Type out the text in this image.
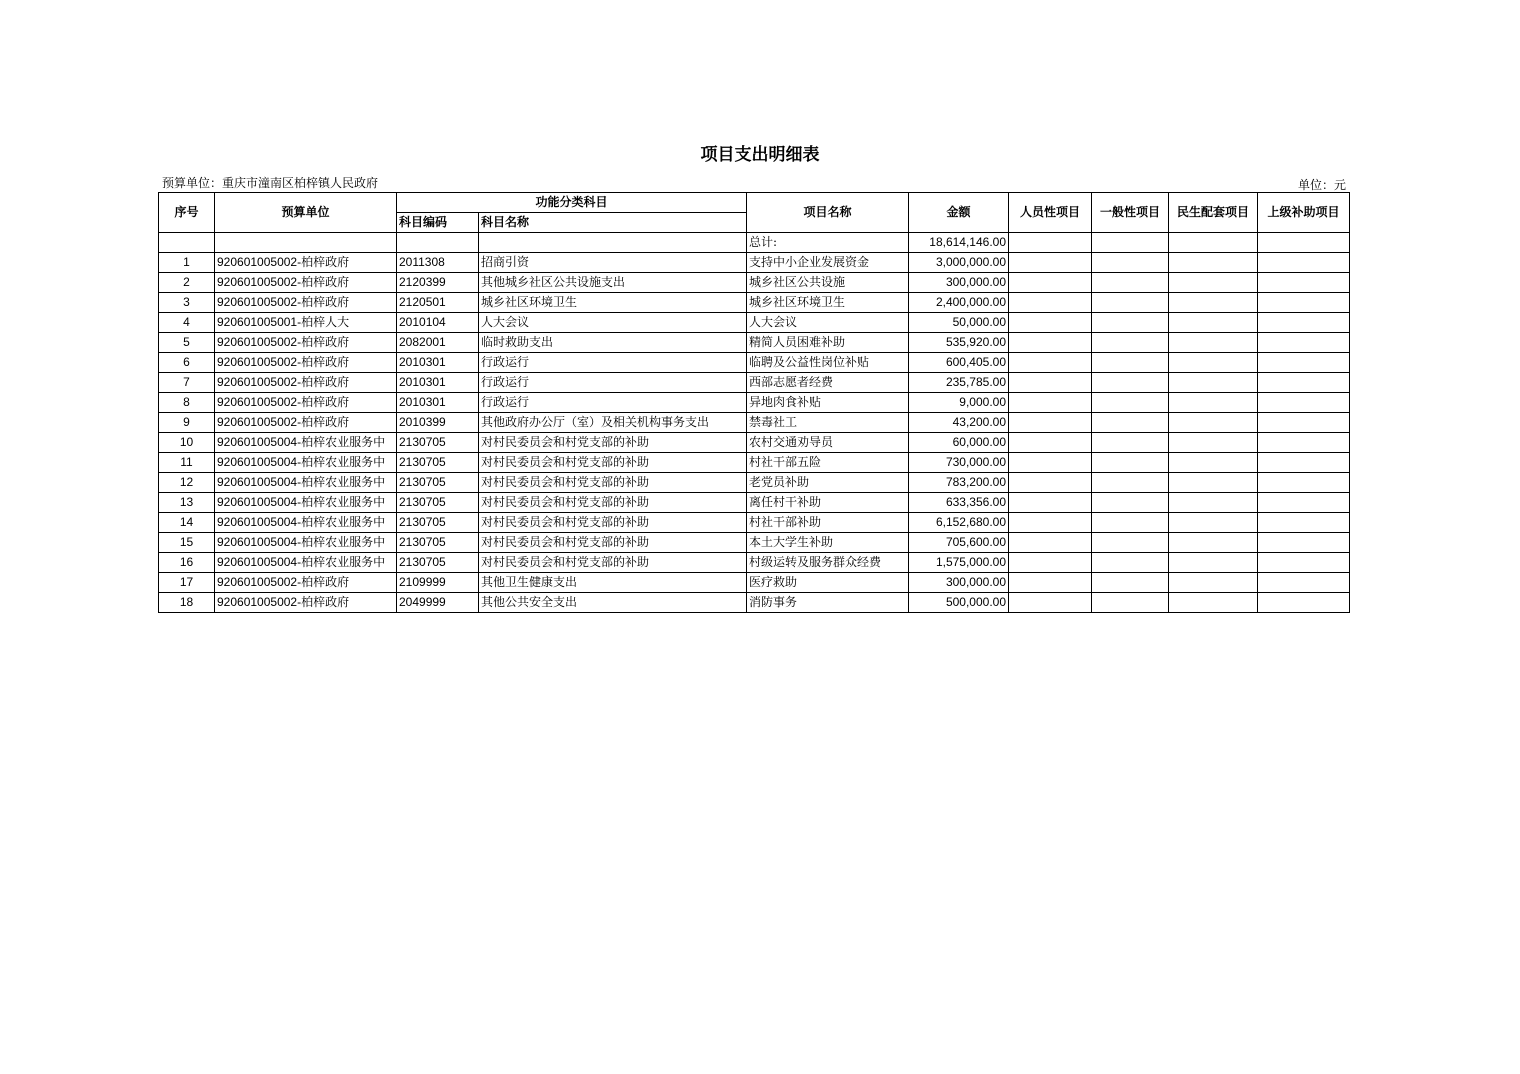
项目支出明细表
预算单位：重庆市潼南区柏梓镇人民政府	单位：元
序号	预算单位	功能分类科目		项目名称	金额	人员性项目	一般性项目	民生配套项目	上级补助项目
		科目编码	科目名称						
				总计:	18,614,146.00				
1	920601005002-柏梓政府	2011308	招商引资	支持中小企业发展资金	3,000,000.00				
2	920601005002-柏梓政府	2120399	其他城乡社区公共设施支出	城乡社区公共设施	300,000.00				
3	920601005002-柏梓政府	2120501	城乡社区环境卫生	城乡社区环境卫生	2,400,000.00				
4	920601005001-柏梓人大	2010104	人大会议	人大会议	50,000.00				
5	920601005002-柏梓政府	2082001	临时救助支出	精简人员困难补助	535,920.00				
6	920601005002-柏梓政府	2010301	行政运行	临聘及公益性岗位补贴	600,405.00				
7	920601005002-柏梓政府	2010301	行政运行	西部志愿者经费	235,785.00				
8	920601005002-柏梓政府	2010301	行政运行	异地肉食补贴	9,000.00				
9	920601005002-柏梓政府	2010399	其他政府办公厅（室）及相关机构事务支出	禁毒社工	43,200.00				
10	920601005004-柏梓农业服务中	2130705	对村民委员会和村党支部的补助	农村交通劝导员	60,000.00				
11	920601005004-柏梓农业服务中	2130705	对村民委员会和村党支部的补助	村社干部五险	730,000.00				
12	920601005004-柏梓农业服务中	2130705	对村民委员会和村党支部的补助	老党员补助	783,200.00				
13	920601005004-柏梓农业服务中	2130705	对村民委员会和村党支部的补助	离任村干补助	633,356.00				
14	920601005004-柏梓农业服务中	2130705	对村民委员会和村党支部的补助	村社干部补助	6,152,680.00				
15	920601005004-柏梓农业服务中	2130705	对村民委员会和村党支部的补助	本土大学生补助	705,600.00				
16	920601005004-柏梓农业服务中	2130705	对村民委员会和村党支部的补助	村级运转及服务群众经费	1,575,000.00				
17	920601005002-柏梓政府	2109999	其他卫生健康支出	医疗救助	300,000.00				
18	920601005002-柏梓政府	2049999	其他公共安全支出	消防事务	500,000.00				
